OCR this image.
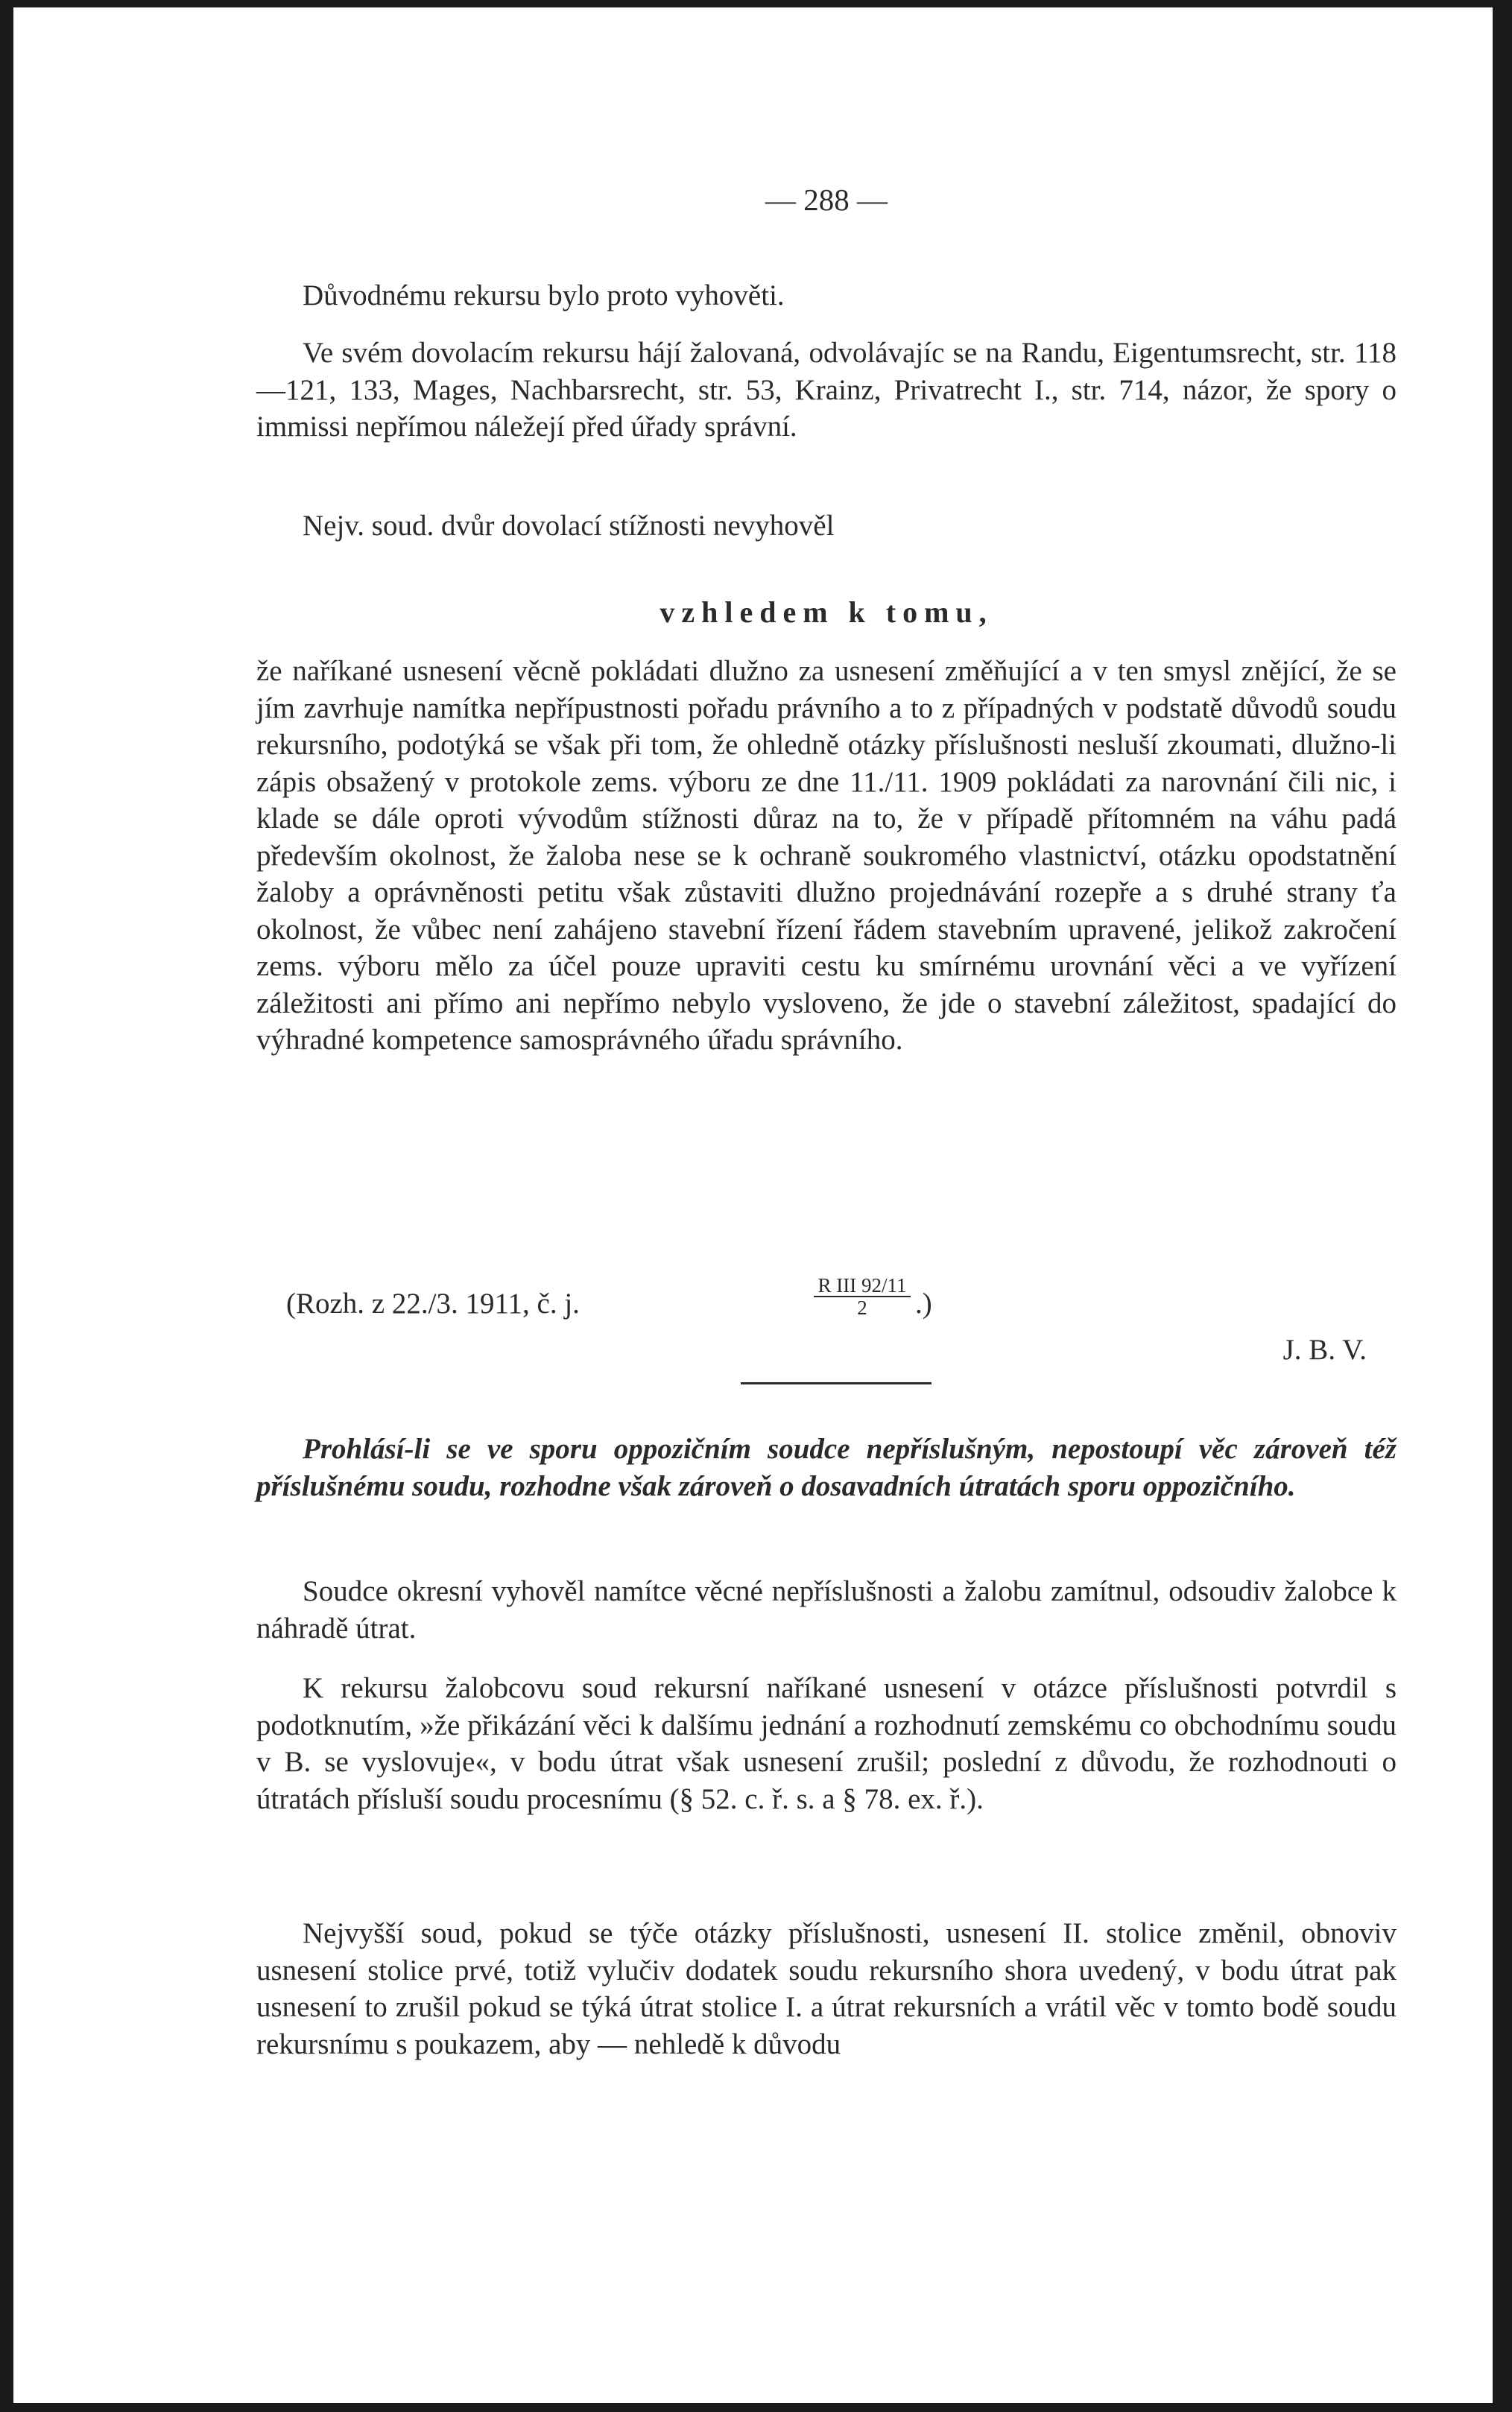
— 288 —

Důvodnému rekursu bylo proto vyhověti.

Ve svém dovolacím rekursu hájí žalovaná, odvolávajíc se na Randu, Eigentumsrecht, str. 118—121, 133, Mages, Nachbarsrecht, str. 53, Krainz, Privatrecht I., str. 714, názor, že spory o immissi nepřímou náležejí před úřady správní.

Nejv. soud. dvůr dovolací stížnosti nevyhověl

vzhledem k tomu,

že naříkané usnesení věcně pokládati dlužno za usnesení změňující a v ten smysl znějící, že se jím zavrhuje namítka nepřípustnosti pořadu právního a to z případných v podstatě důvodů soudu rekursního, podotýká se však při tom, že ohledně otázky příslušnosti nesluší zkoumati, dlužno-li zápis obsažený v protokole zems. výboru ze dne 11./11. 1909 pokládati za narovnání čili nic, i klade se dále oproti vývodům stížnosti důraz na to, že v případě přítomném na váhu padá především okolnost, že žaloba nese se k ochraně soukromého vlastnictví, otázku opodstatnění žaloby a oprávněnosti petitu však zůstaviti dlužno projednávání rozepře a s druhé strany ťa okolnost, že vůbec není zahájeno stavební řízení řádem stavebním upravené, jelikož zakročení zems. výboru mělo za účel pouze upraviti cestu ku smírnému urovnání věci a ve vyřízení záležitosti ani přímo ani nepřímo nebylo vysloveno, že jde o stavební záležitost, spadající do výhradné kompetence samosprávného úřadu správního.

(Rozh. z 22./3. 1911, č. j.
R III 92/11
2	.)
J. B. V.

Prohlásí-li se ve sporu oppozičním soudce nepříslušným, nepostoupí věc zároveň též příslušnému soudu, rozhodne však zároveň o dosavadních útratách sporu oppozičního.

Soudce okresní vyhověl namítce věcné nepříslušnosti a žalobu zamítnul, odsoudiv žalobce k náhradě útrat.

K rekursu žalobcovu soud rekursní naříkané usnesení v otázce příslušnosti potvrdil s podotknutím, »že přikázání věci k dalšímu jednání a rozhodnutí zemskému co obchodnímu soudu v B. se vyslovuje«, v bodu útrat však usnesení zrušil; poslední z důvodu, že rozhodnouti o útratách přísluší soudu procesnímu (§ 52. c. ř. s. a § 78. ex. ř.).

Nejvyšší soud, pokud se týče otázky příslušnosti, usnesení II. stolice změnil, obnoviv usnesení stolice prvé, totiž vylučiv dodatek soudu rekursního shora uvedený, v bodu útrat pak usnesení to zrušil pokud se týká útrat stolice I. a útrat rekursních a vrátil věc v tomto bodě soudu rekursnímu s poukazem, aby — nehledě k důvodu
